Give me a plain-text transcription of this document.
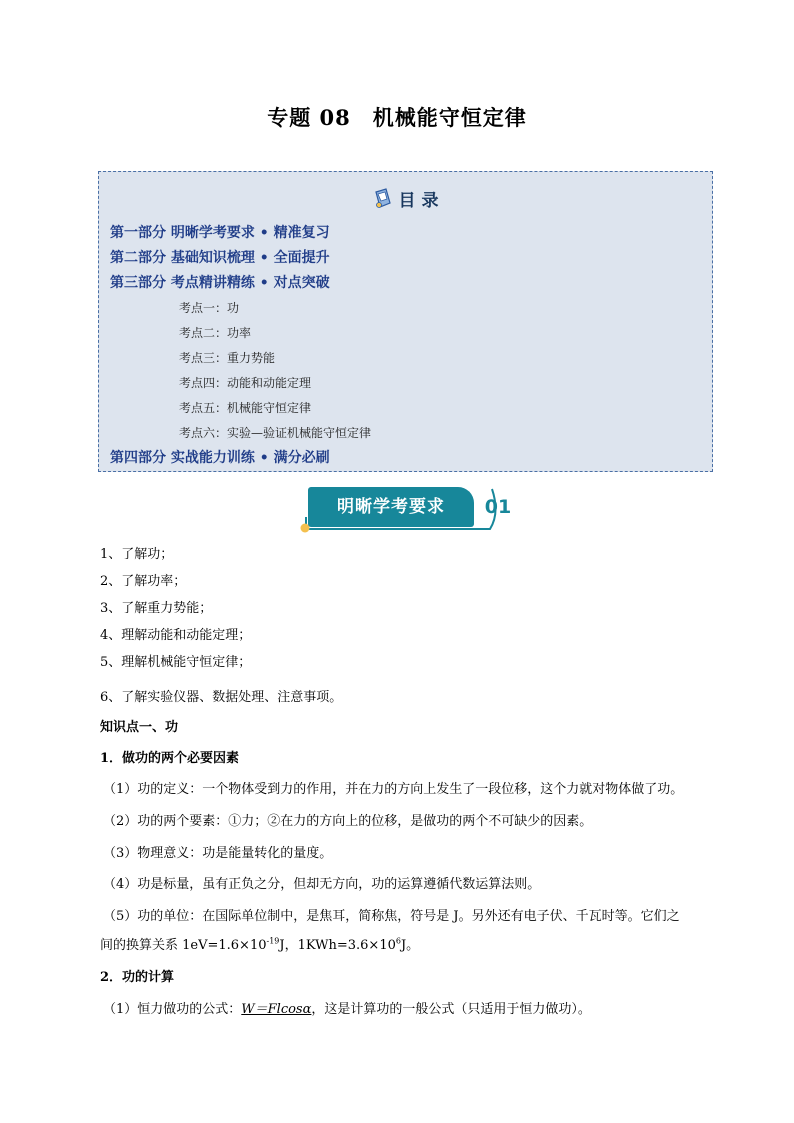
专题 08　机械能守恒定律
目 录
第一部分 明晰学考要求 • 精准复习
第二部分 基础知识梳理 • 全面提升
第三部分 考点精讲精练 • 对点突破
考点一：功
考点二：功率
考点三：重力势能
考点四：动能和动能定理
考点五：机械能守恒定律
考点六：实验—验证机械能守恒定律
第四部分 实战能力训练 • 满分必刷
明晰学考要求	01
1、了解功；
2、了解功率；
3、了解重力势能；
4、理解动能和动能定理；
5、理解机械能守恒定律；
6、了解实验仪器、数据处理、注意事项。
知识点一、功
1．做功的两个必要因素
（1）功的定义：一个物体受到力的作用，并在力的方向上发生了一段位移，这个力就对物体做了功。
（2）功的两个要素：①力；②在力的方向上的位移，是做功的两个不可缺少的因素。
（3）物理意义：功是能量转化的量度。
（4）功是标量，虽有正负之分，但却无方向，功的运算遵循代数运算法则。
（5）功的单位：在国际单位制中，是焦耳，简称焦，符号是 J。另外还有电子伏、千瓦时等。它们之
间的换算关系 $1eV=1.6\times 10^{-19}J$，$1KWh=3.6\times 10^6J$。
2．功的计算
（1）恒力做功的公式：W＝Flcosα，这是计算功的一般公式（只适用于恒力做功）。
